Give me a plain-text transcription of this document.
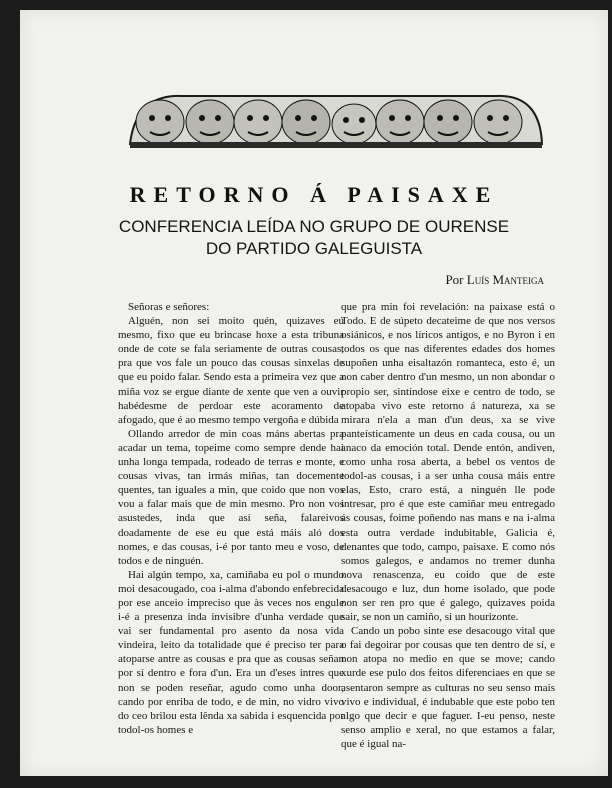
RETORNO Á PAISAXE
CONFERENCIA LEÍDA NO GRUPO DE OURENSE
DO PARTIDO GALEGUISTA
Por Luís Manteiga

Señoras e señores:

Alguén, non sei moito quén, quizaves eu mesmo, fixo que eu brincase hoxe a esta tribuna onde de cote se fala seriamente de outras cousas, pra que vos fale un pouco das cousas sinxelas de que eu poido falar. Sendo esta a primeira vez que a miña voz se ergue diante de xente que ven a ouvir habédesme de perdoar este acoramento de afogado, que é ao mesmo tempo vergoña e dúbida

Ollando arredor de min coas máns abertas pra acadar un tema, topeime como sempre dende hai unha longa tempada, rodeado de terras e monte, e cousas vivas, tan irmás miñas, tan docemente quentes, tan iguales a min, que coido que non vos vou a falar mais que de min mesmo. Pro non vos asustedes, inda que así seña, falareivos doadamente de ese eu que está máis aló dos nomes, e das cousas, i-é por tanto meu e voso, de todos e de ninguén.

Hai algún tempo, xa, camiñaba eu pol o mundo moi desacougado, coa i-alma d'abondo enfebrecida por ese anceio impreciso que às veces nos engule i-é a presenza inda invisibre d'unha verdade que vai ser fundamental pro asento da nosa vida vindeira, leito da totalidade que é preciso ter para atoparse antre as cousas e pra que as cousas señan por sí dentro e fora d'un. Era un d'eses intres que non se poden reseñar, agudo como unha door, cando por enriba de todo, e de min, no vidro vivo do ceo brilou esta lênda xa sabida i esquencida por todol-os homes e

que pra min foi revelación: na paixase está o Todo. E de súpeto decateime de que nos versos osiánicos, e nos líricos antigos, e no Byron i en todos os que nas diferentes edades dos homes supoñen unha eisaltazón romanteca, esto é, un non caber dentro d'un mesmo, un non abondar o propio ser, sintíndose eixe e centro de todo, se atopaba vivo este retorno á natureza, xa se mirara n'ela a man d'un deus, xa se vive panteísticamente un deus en cada cousa, ou un anaco da emoción total. Dende entón, andiven, como unha rosa aberta, a bebel os ventos de todol-as cousas, i a ser unha cousa máis entre elas, Esto, craro está, a ninguén lle pode intresar, pro é que este camiñar meu entregado ás cousas, foime poñendo nas mans e na i-alma esta outra verdade indubitable, Galicia é, denantes que todo, campo, paisaxe. E como nós somos galegos, e andamos no tremer dunha nova renascenza, eu coido que de este desacougo e luz, dun home isolado, que pode non ser ren pro que é galego, quizaves poida sair, se non un camiño, si un hourizonte.

Cando un pobo sinte ese desacougo vital que o fai degoirar por cousas que ten dentro de sí, e non atopa no medio en que se move; cando xurde ese pulo dos feitos diferenciaes en que se asentaron sempre as culturas no seu senso mais vivo e individual, é indubable que este pobo ten algo que decir e que faguer. I-eu penso, neste senso amplio e xeral, no que estamos a falar, que é igual na-
